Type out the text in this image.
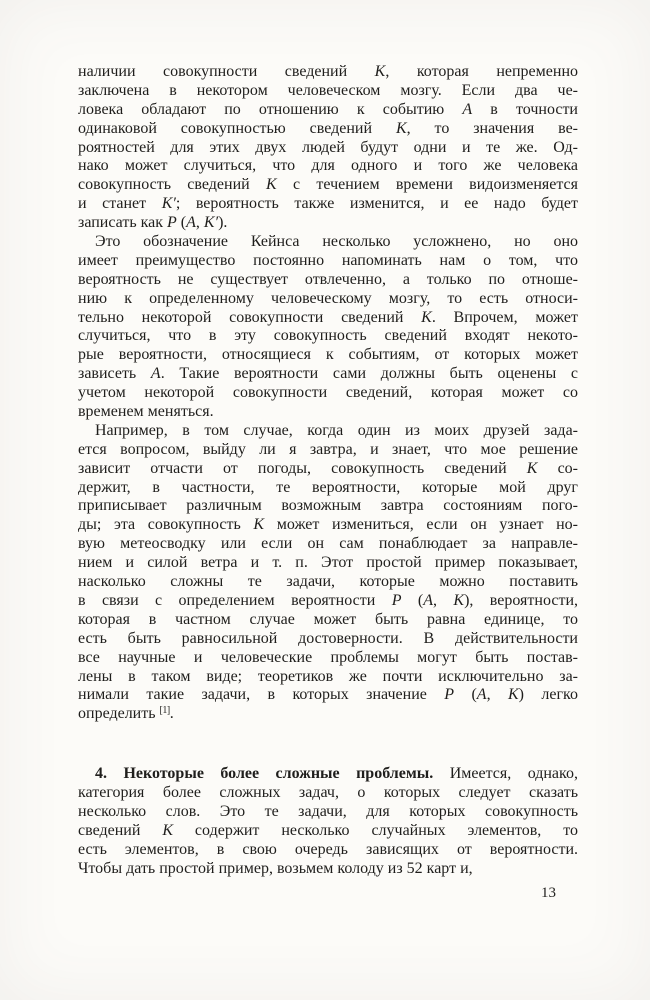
наличии совокупности сведений K, которая непременно
заключена в некотором человеческом мозгу. Если два че-
ловека обладают по отношению к событию A в точности
одинаковой совокупностью сведений K, то значения ве-
роятностей для этих двух людей будут одни и те же. Од-
нако может случиться, что для одного и того же человека
совокупность сведений K с течением времени видоизменяется
и станет K′; вероятность также изменится, и ее надо будет
записать как P (A, K′).
Это обозначение Кейнса несколько усложнено, но оно
имеет преимущество постоянно напоминать нам о том, что
вероятность не существует отвлеченно, а только по отноше-
нию к определенному человеческому мозгу, то есть относи-
тельно некоторой совокупности сведений K. Впрочем, может
случиться, что в эту совокупность сведений входят некото-
рые вероятности, относящиеся к событиям, от которых может
зависеть A. Такие вероятности сами должны быть оценены с
учетом некоторой совокупности сведений, которая может со
временем меняться.
Например, в том случае, когда один из моих друзей зада-
ется вопросом, выйду ли я завтра, и знает, что мое решение
зависит отчасти от погоды, совокупность сведений K со-
держит, в частности, те вероятности, которые мой друг
приписывает различным возможным завтра состояниям пого-
ды; эта совокупность K может измениться, если он узнает но-
вую метеосводку или если он сам понаблюдает за направле-
нием и силой ветра и т. п. Этот простой пример показывает,
насколько сложны те задачи, которые можно поставить
в связи с определением вероятности P (A, K), вероятности,
которая в частном случае может быть равна единице, то
есть быть равносильной достоверности. В действительности
все научные и человеческие проблемы могут быть постав-
лены в таком виде; теоретиков же почти исключительно за-
нимали такие задачи, в которых значение P (A, K) легко
определить [1].
4. Некоторые более сложные проблемы. Имеется, однако,
категория более сложных задач, о которых следует сказать
несколько слов. Это те задачи, для которых совокупность
сведений K содержит несколько случайных элементов, то
есть элементов, в свою очередь зависящих от вероятности.
Чтобы дать простой пример, возьмем колоду из 52 карт и,
13
